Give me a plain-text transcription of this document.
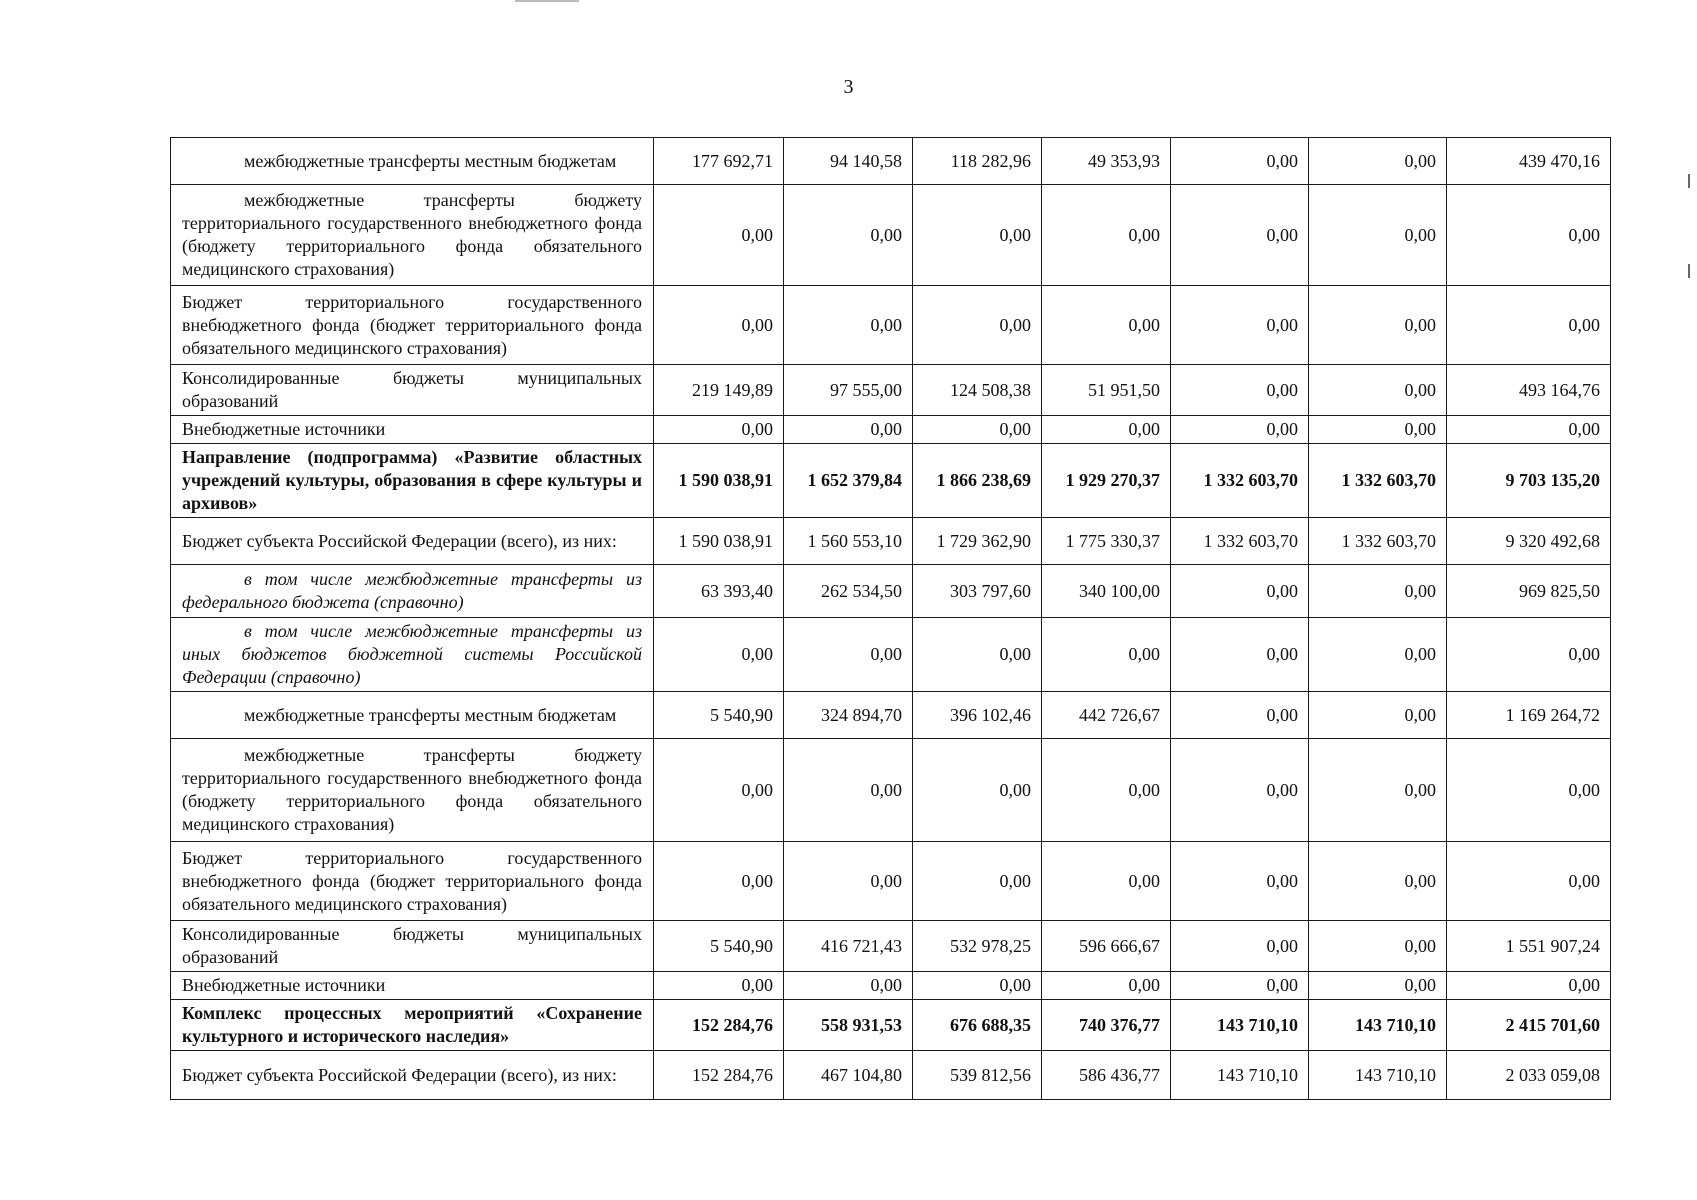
3
межбюджетные трансферты местным бюджетам	177 692,71	94 140,58	118 282,96	49 353,93	0,00	0,00	439 470,16
межбюджетные трансферты бюджету территориального государственного внебюджетного фонда (бюджету территориального фонда обязательного медицинского страхования)	0,00	0,00	0,00	0,00	0,00	0,00	0,00
Бюджет территориального государственного внебюджетного фонда (бюджет территориального фонда обязательного медицинского страхования)	0,00	0,00	0,00	0,00	0,00	0,00	0,00
Консолидированные бюджеты муниципальных образований	219 149,89	97 555,00	124 508,38	51 951,50	0,00	0,00	493 164,76
Внебюджетные источники	0,00	0,00	0,00	0,00	0,00	0,00	0,00
Направление (подпрограмма) «Развитие областных учреждений культуры, образования в сфере культуры и архивов»	1 590 038,91	1 652 379,84	1 866 238,69	1 929 270,37	1 332 603,70	1 332 603,70	9 703 135,20
Бюджет субъекта Российской Федерации (всего), из них:	1 590 038,91	1 560 553,10	1 729 362,90	1 775 330,37	1 332 603,70	1 332 603,70	9 320 492,68
в том числе межбюджетные трансферты из федерального бюджета (справочно)	63 393,40	262 534,50	303 797,60	340 100,00	0,00	0,00	969 825,50
в том числе межбюджетные трансферты из иных бюджетов бюджетной системы Российской Федерации (справочно)	0,00	0,00	0,00	0,00	0,00	0,00	0,00
межбюджетные трансферты местным бюджетам	5 540,90	324 894,70	396 102,46	442 726,67	0,00	0,00	1 169 264,72
межбюджетные трансферты бюджету территориального государственного внебюджетного фонда (бюджету территориального фонда обязательного медицинского страхования)	0,00	0,00	0,00	0,00	0,00	0,00	0,00
Бюджет территориального государственного внебюджетного фонда (бюджет территориального фонда обязательного медицинского страхования)	0,00	0,00	0,00	0,00	0,00	0,00	0,00
Консолидированные бюджеты муниципальных образований	5 540,90	416 721,43	532 978,25	596 666,67	0,00	0,00	1 551 907,24
Внебюджетные источники	0,00	0,00	0,00	0,00	0,00	0,00	0,00
Комплекс процессных мероприятий «Сохранение культурного и исторического наследия»	152 284,76	558 931,53	676 688,35	740 376,77	143 710,10	143 710,10	2 415 701,60
Бюджет субъекта Российской Федерации (всего), из них:	152 284,76	467 104,80	539 812,56	586 436,77	143 710,10	143 710,10	2 033 059,08
